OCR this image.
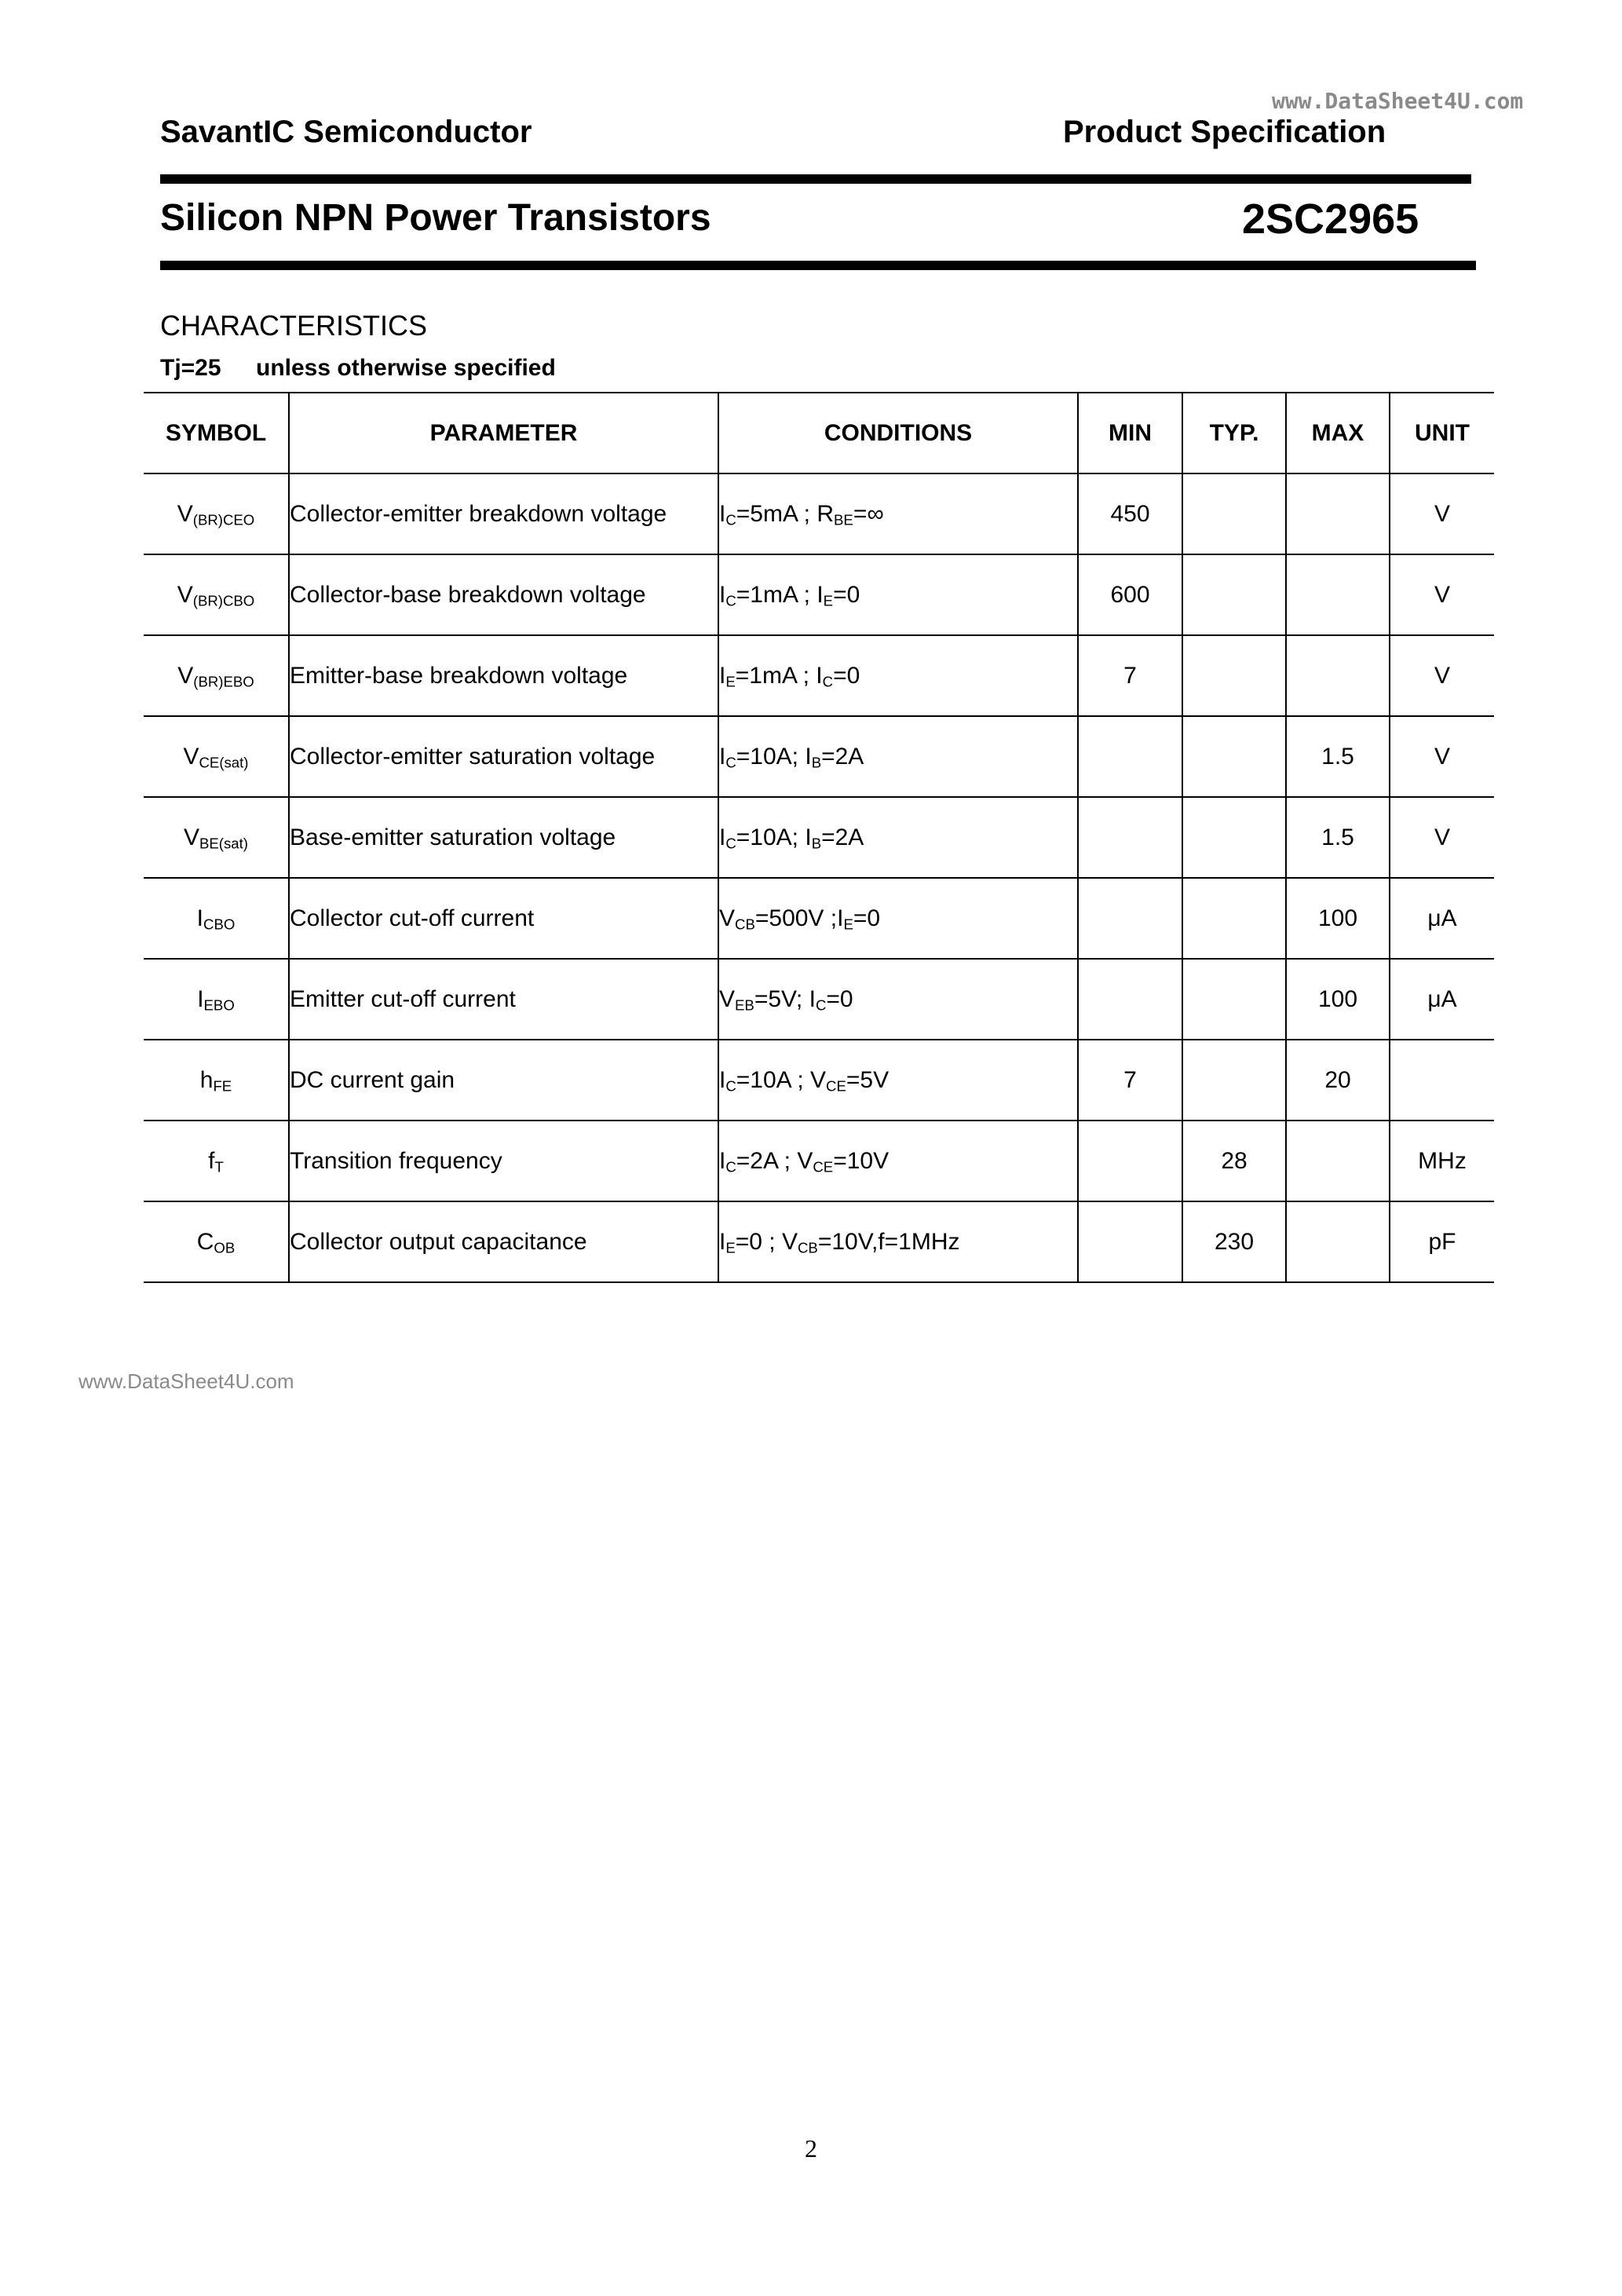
www.DataSheet4U.com
SavantIC Semiconductor	Product Specification
Silicon NPN Power Transistors	2SC2965
CHARACTERISTICS
Tj=25 unless otherwise specified
SYMBOL	PARAMETER	CONDITIONS	MIN	TYP.	MAX	UNIT
$V_{(BR)CEO}$	Collector-emitter breakdown voltage	$I_C=5mA$ ; $R_{BE}=\infty$	450			V
$V_{(BR)CBO}$	Collector-base breakdown voltage	$I_C=1mA$ ; $I_E=0$	600			V
$V_{(BR)EBO}$	Emitter-base breakdown voltage	$I_E=1mA$ ; $I_C=0$	7			V
$V_{CE(sat)}$	Collector-emitter saturation voltage	$I_C=10A$; $I_B=2A$			1.5	V
$V_{BE(sat)}$	Base-emitter saturation voltage	$I_C=10A$; $I_B=2A$			1.5	V
$I_{CBO}$	Collector cut-off current	$V_{CB}=500V$ $;I_E=0$			100	μA
$I_{EBO}$	Emitter cut-off current	$V_{EB}=5V$; $I_C=0$			100	μA
$h_{FE}$	DC current gain	$I_C=10A$ ; $V_{CE}=5V$	7		20	
$f_T$	Transition frequency	$I_C=2A$ ; $V_{CE}=10V$		28		MHz
$C_{OB}$	Collector output capacitance	$I_E=0$ ; $V_{CB}=10V,f=1MHz$		230		pF
www.DataSheet4U.com
2
